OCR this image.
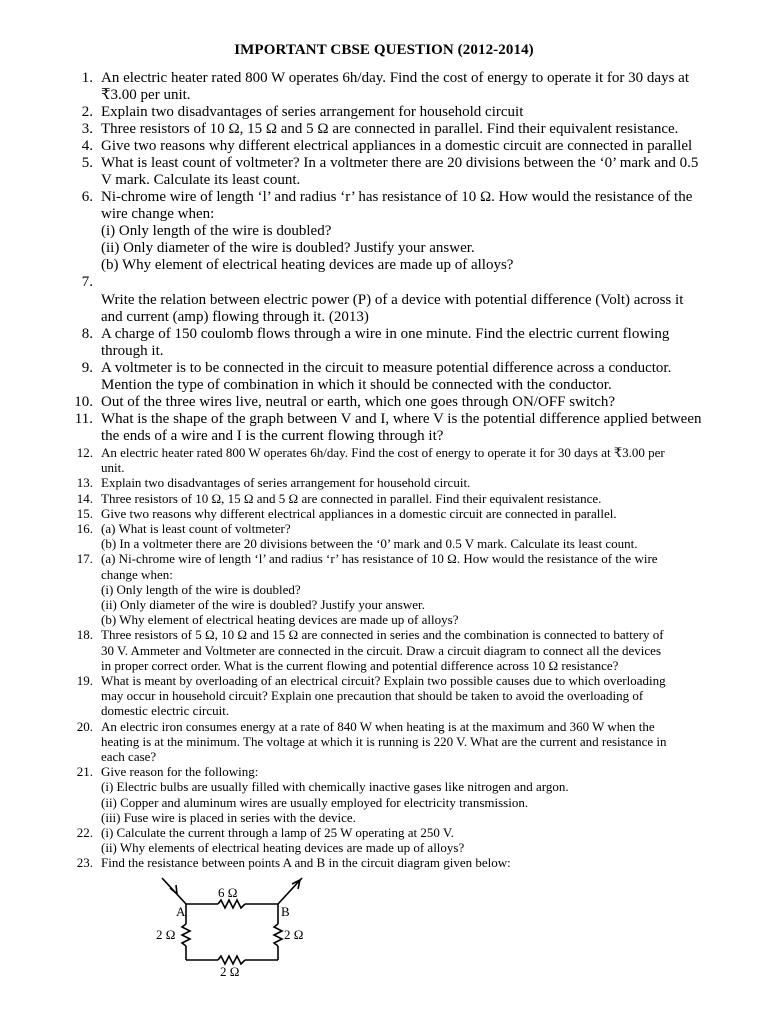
IMPORTANT CBSE QUESTION (2012-2014)
1. An electric heater rated 800 W operates 6h/day. Find the cost of energy to operate it for 30 days at
₹3.00 per unit.
2. Explain two disadvantages of series arrangement for household circuit
3. Three resistors of 10 Ω, 15 Ω and 5 Ω are connected in parallel. Find their equivalent resistance.
4. Give two reasons why different electrical appliances in a domestic circuit are connected in parallel
5. What is least count of voltmeter? In a voltmeter there are 20 divisions between the ‘0’ mark and 0.5
V mark. Calculate its least count.
6. Ni-chrome wire of length ‘l’ and radius ‘r’ has resistance of 10 Ω. How would the resistance of the
wire change when:
(i) Only length of the wire is doubled?
(ii) Only diameter of the wire is doubled? Justify your answer.
(b) Why element of electrical heating devices are made up of alloys?
7.
Write the relation between electric power (P) of a device with potential difference (Volt) across it
and current (amp) flowing through it. (2013)
8. A charge of 150 coulomb flows through a wire in one minute. Find the electric current flowing
through it.
9. A voltmeter is to be connected in the circuit to measure potential difference across a conductor.
Mention the type of combination in which it should be connected with the conductor.
10. Out of the three wires live, neutral or earth, which one goes through ON/OFF switch?
11. What is the shape of the graph between V and I, where V is the potential difference applied between
the ends of a wire and I is the current flowing through it?
12. An electric heater rated 800 W operates 6h/day. Find the cost of energy to operate it for 30 days at ₹3.00 per
unit.
13. Explain two disadvantages of series arrangement for household circuit.
14. Three resistors of 10 Ω, 15 Ω and 5 Ω are connected in parallel. Find their equivalent resistance.
15. Give two reasons why different electrical appliances in a domestic circuit are connected in parallel.
16. (a) What is least count of voltmeter?
(b) In a voltmeter there are 20 divisions between the ‘0’ mark and 0.5 V mark. Calculate its least count.
17. (a) Ni-chrome wire of length ‘l’ and radius ‘r’ has resistance of 10 Ω. How would the resistance of the wire
change when:
(i) Only length of the wire is doubled?
(ii) Only diameter of the wire is doubled? Justify your answer.
(b) Why element of electrical heating devices are made up of alloys?
18. Three resistors of 5 Ω, 10 Ω and 15 Ω are connected in series and the combination is connected to battery of
30 V. Ammeter and Voltmeter are connected in the circuit. Draw a circuit diagram to connect all the devices
in proper correct order. What is the current flowing and potential difference across 10 Ω resistance?
19. What is meant by overloading of an electrical circuit? Explain two possible causes due to which overloading
may occur in household circuit? Explain one precaution that should be taken to avoid the overloading of
domestic electric circuit.
20. An electric iron consumes energy at a rate of 840 W when heating is at the maximum and 360 W when the
heating is at the minimum. The voltage at which it is running is 220 V. What are the current and resistance in
each case?
21. Give reason for the following:
(i) Electric bulbs are usually filled with chemically inactive gases like nitrogen and argon.
(ii) Copper and aluminum wires are usually employed for electricity transmission.
(iii) Fuse wire is placed in series with the device.
22. (i) Calculate the current through a lamp of 25 W operating at 250 V.
(ii) Why elements of electrical heating devices are made up of alloys?
23. Find the resistance between points A and B in the circuit diagram given below:
6 Ω
2 Ω	2 Ω
2 Ω
A	B
